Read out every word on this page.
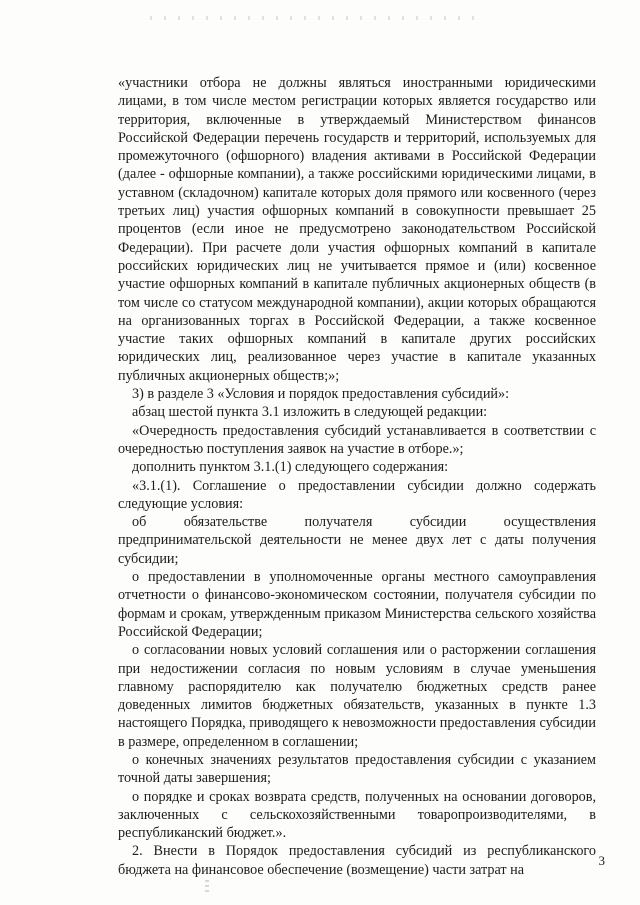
«участники отбора не должны являться иностранными юридическими лицами, в том числе местом регистрации которых является государство или территория, включенные в утверждаемый Министерством финансов Российской Федерации перечень государств и территорий, используемых для промежуточного (офшорного) владения активами в Российской Федерации (далее - офшорные компании), а также российскими юридическими лицами, в уставном (складочном) капитале которых доля прямого или косвенного (через третьих лиц) участия офшорных компаний в совокупности превышает 25 процентов (если иное не предусмотрено законодательством Российской Федерации). При расчете доли участия офшорных компаний в капитале российских юридических лиц не учитывается прямое и (или) косвенное участие офшорных компаний в капитале публичных акционерных обществ (в том числе со статусом международной компании), акции которых обращаются на организованных торгах в Российской Федерации, а также косвенное участие таких офшорных компаний в капитале других российских юридических лиц, реализованное через участие в капитале указанных публичных акционерных обществ;»;

3) в разделе 3 «Условия и порядок предоставления субсидий»:

абзац шестой пункта 3.1 изложить в следующей редакции:

«Очередность предоставления субсидий устанавливается в соответствии с очередностью поступления заявок на участие в отборе.»;

дополнить пунктом 3.1.(1) следующего содержания:

«3.1.(1). Соглашение о предоставлении субсидии должно содержать следующие условия:

об обязательстве получателя субсидии осуществления предпринимательской деятельности не менее двух лет с даты получения субсидии;

о предоставлении в уполномоченные органы местного самоуправления отчетности о финансово-экономическом состоянии, получателя субсидии по формам и срокам, утвержденным приказом Министерства сельского хозяйства Российской Федерации;

о согласовании новых условий соглашения или о расторжении соглашения при недостижении согласия по новым условиям в случае уменьшения главному распорядителю как получателю бюджетных средств ранее доведенных лимитов бюджетных обязательств, указанных в пункте 1.3 настоящего Порядка, приводящего к невозможности предоставления субсидии в размере, определенном в соглашении;

о конечных значениях результатов предоставления субсидии с указанием точной даты завершения;

о порядке и сроках возврата средств, полученных на основании договоров, заключенных с сельскохозяйственными товаропроизводителями, в республиканский бюджет.».

2. Внести в Порядок предоставления субсидий из республиканского бюджета на финансовое обеспечение (возмещение) части затрат на

3
